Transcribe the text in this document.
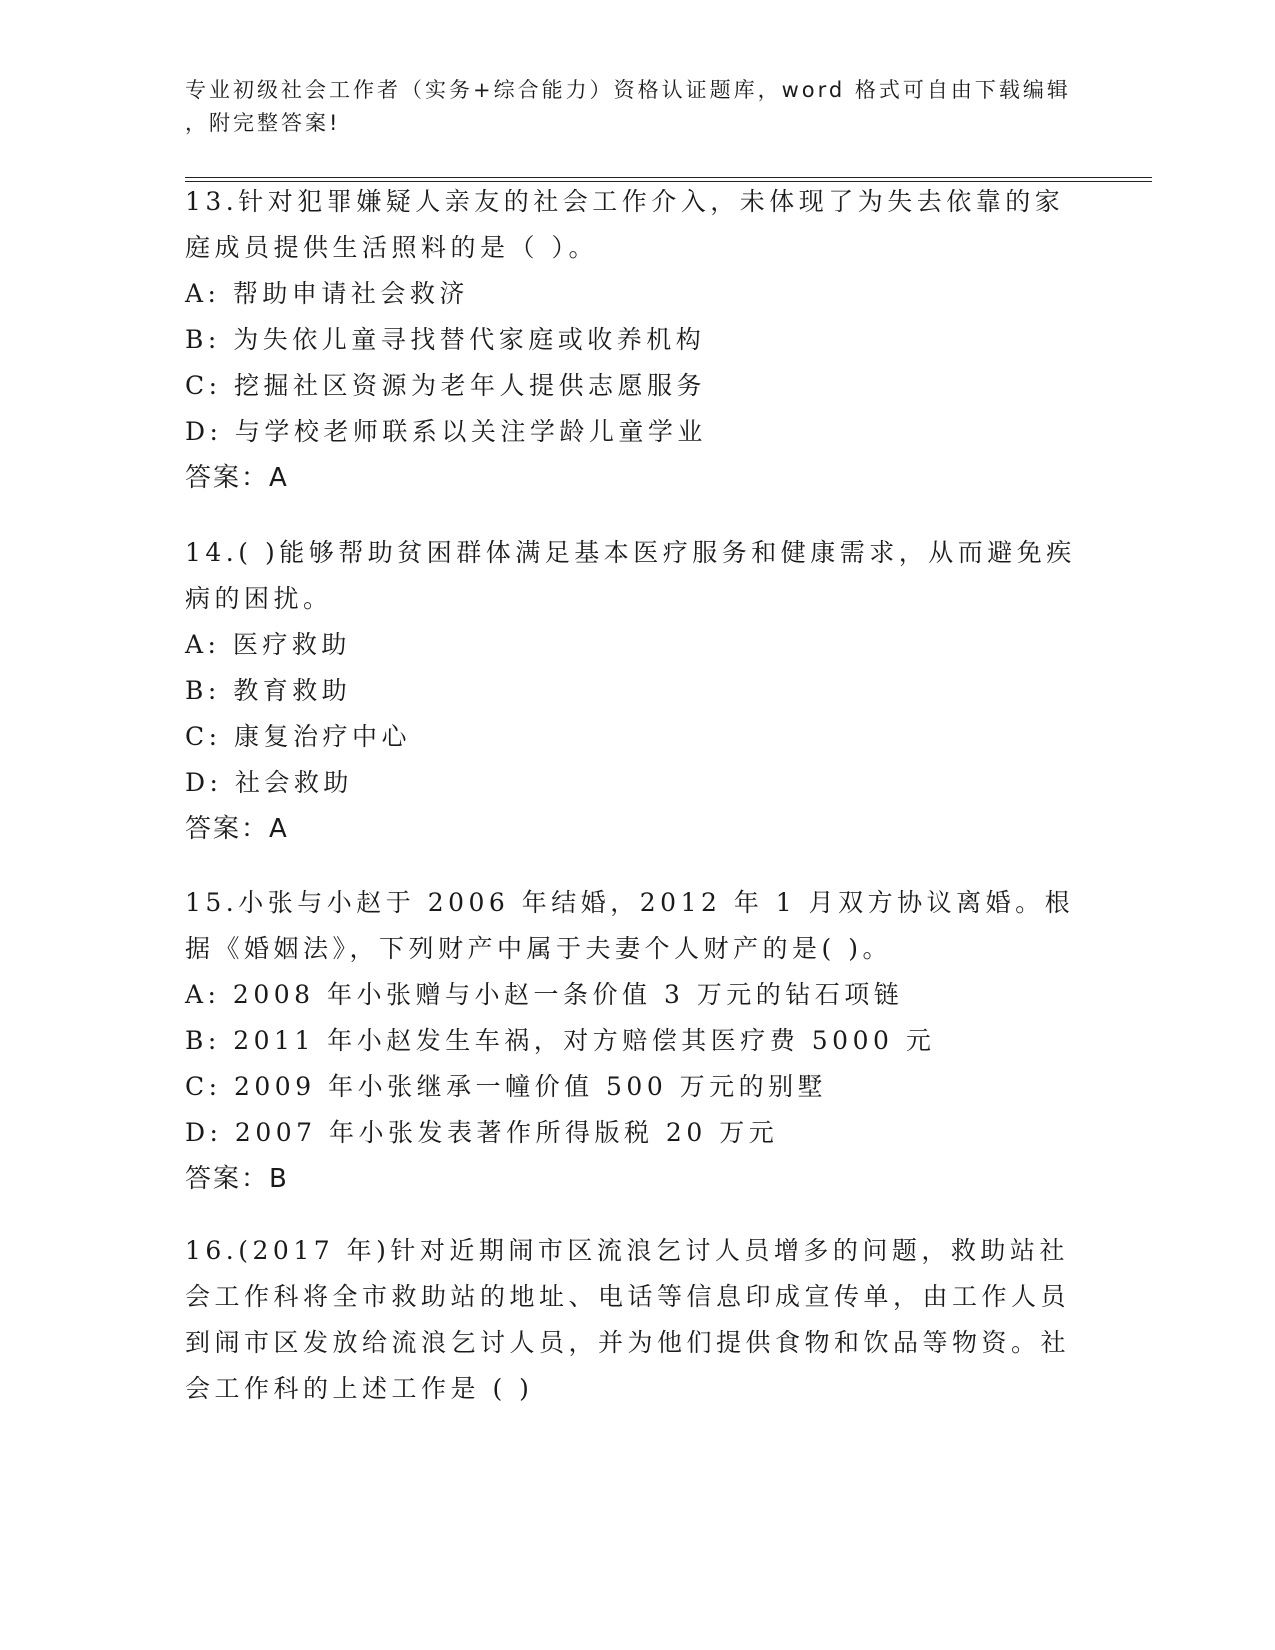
专业初级社会工作者（实务+综合能力）资格认证题库，word 格式可自由下载编辑
，附完整答案!

13.针对犯罪嫌疑人亲友的社会工作介入，未体现了为失去依靠的家庭成员提供生活照料的是（ ）。

A: 帮助申请社会救济

B: 为失依儿童寻找替代家庭或收养机构

C: 挖掘社区资源为老年人提供志愿服务

D: 与学校老师联系以关注学龄儿童学业

答案：A

14.( )能够帮助贫困群体满足基本医疗服务和健康需求，从而避免疾病的困扰。

A: 医疗救助

B: 教育救助

C: 康复治疗中心

D: 社会救助

答案：A

15.小张与小赵于 2006 年结婚，2012 年 1 月双方协议离婚。根据《婚姻法》，下列财产中属于夫妻个人财产的是( )。

A: 2008 年小张赠与小赵一条价值 3 万元的钻石项链

B: 2011 年小赵发生车祸，对方赔偿其医疗费 5000 元

C: 2009 年小张继承一幢价值 500 万元的别墅

D: 2007 年小张发表著作所得版税 20 万元

答案：B

16.(2017 年)针对近期闹市区流浪乞讨人员增多的问题，救助站社会工作科将全市救助站的地址、电话等信息印成宣传单，由工作人员到闹市区发放给流浪乞讨人员，并为他们提供食物和饮品等物资。社会工作科的上述工作是 ( )
